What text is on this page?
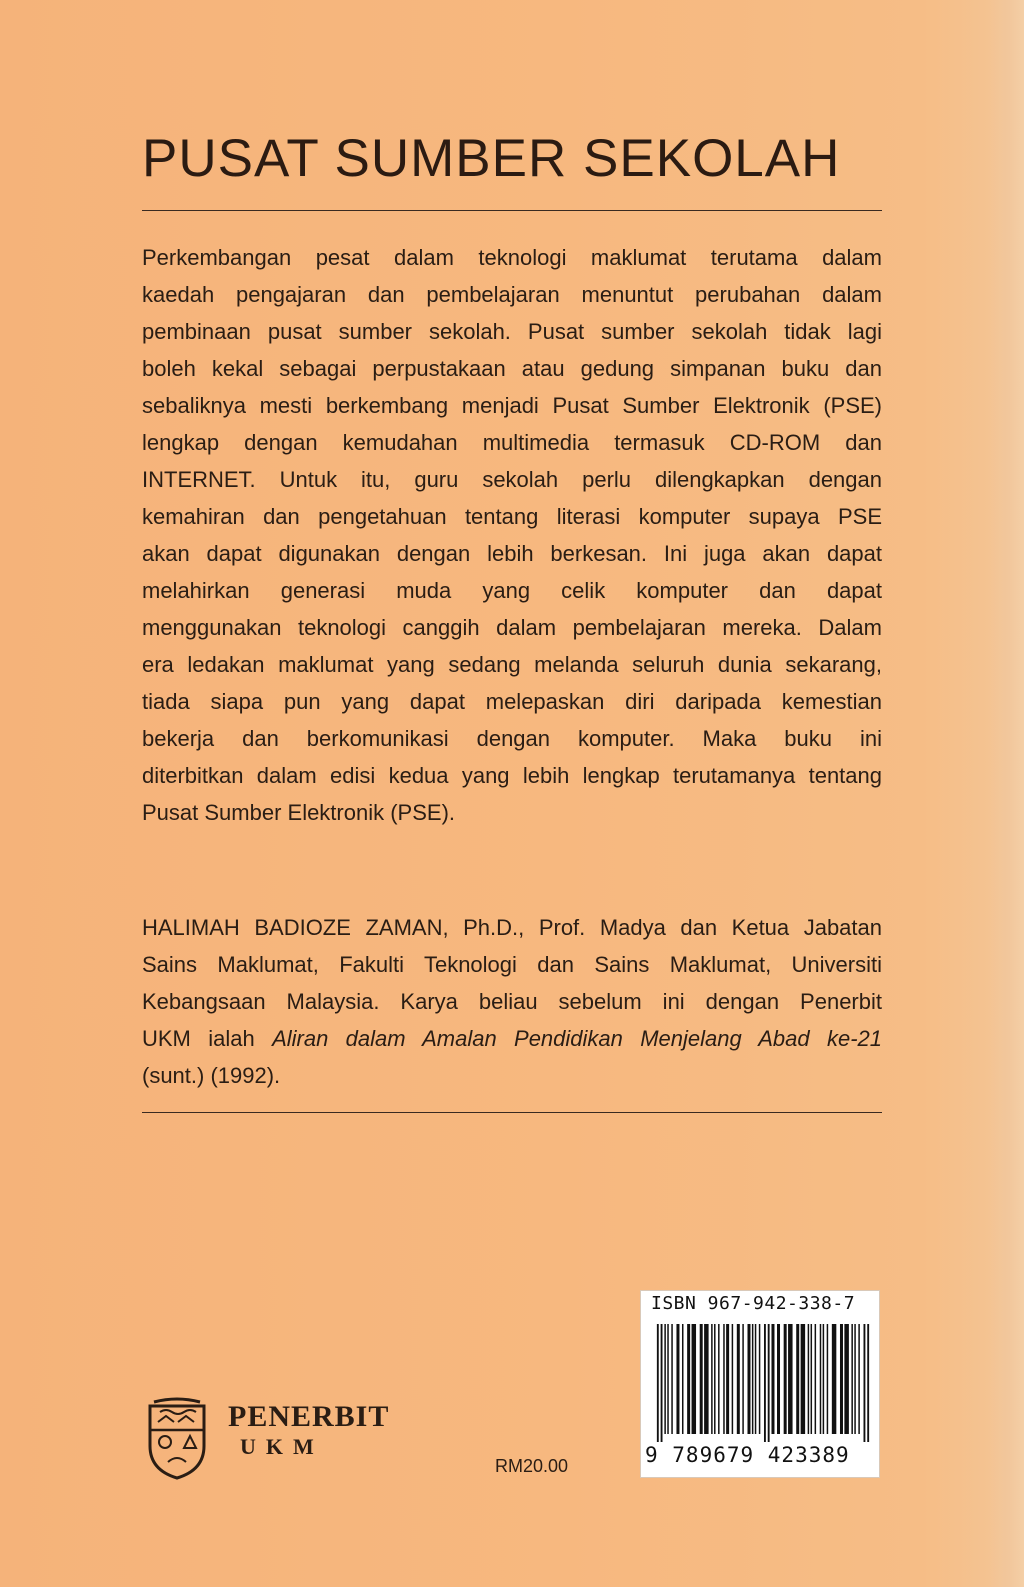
PUSAT SUMBER SEKOLAH
Perkembangan pesat dalam teknologi maklumat terutama dalam
kaedah pengajaran dan pembelajaran menuntut perubahan dalam
pembinaan pusat sumber sekolah. Pusat sumber sekolah tidak lagi
boleh kekal sebagai perpustakaan atau gedung simpanan buku dan
sebaliknya mesti berkembang menjadi Pusat Sumber Elektronik (PSE)
lengkap dengan kemudahan multimedia termasuk CD-ROM dan
INTERNET. Untuk itu, guru sekolah perlu dilengkapkan dengan
kemahiran dan pengetahuan tentang literasi komputer supaya PSE
akan dapat digunakan dengan lebih berkesan. Ini juga akan dapat
melahirkan generasi muda yang celik komputer dan dapat
menggunakan teknologi canggih dalam pembelajaran mereka. Dalam
era ledakan maklumat yang sedang melanda seluruh dunia sekarang,
tiada siapa pun yang dapat melepaskan diri daripada kemestian
bekerja dan berkomunikasi dengan komputer. Maka buku ini
diterbitkan dalam edisi kedua yang lebih lengkap terutamanya tentang
Pusat Sumber Elektronik (PSE).
HALIMAH BADIOZE ZAMAN, Ph.D., Prof. Madya dan Ketua Jabatan
Sains Maklumat, Fakulti Teknologi dan Sains Maklumat, Universiti
Kebangsaan Malaysia. Karya beliau sebelum ini dengan Penerbit
UKM ialah Aliran dalam Amalan Pendidikan Menjelang Abad ke-21
(sunt.) (1992).
ISBN 967-942-338-7
9 789679 423389
PENERBIT
UKM
RM20.00
